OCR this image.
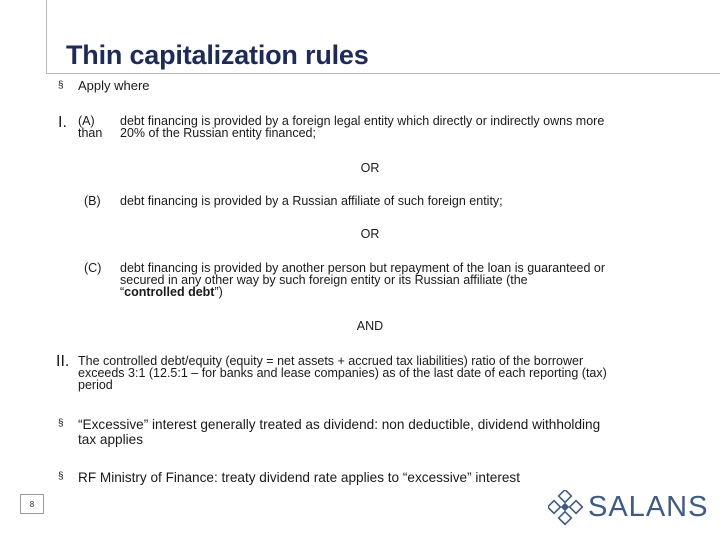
Thin capitalization rules
§ Apply where
I. (A)
than
debt financing is provided by a foreign legal entity which directly or indirectly owns more
20% of the Russian entity financed;
OR
(B) debt financing is provided by a Russian affiliate of such foreign entity;
OR
(C) debt financing is provided by another person but repayment of the loan is guaranteed or
secured in any other way by such foreign entity or its Russian affiliate (the
“controlled debt”)
AND
II. The controlled debt/equity (equity = net assets + accrued tax liabilities) ratio of the borrower
exceeds 3:1 (12.5:1 – for banks and lease companies) as of the last date of each reporting (tax)
period
§ “Excessive” interest generally treated as dividend: non deductible, dividend withholding
tax applies
§ RF Ministry of Finance: treaty dividend rate applies to “excessive” interest
8	SALANS
